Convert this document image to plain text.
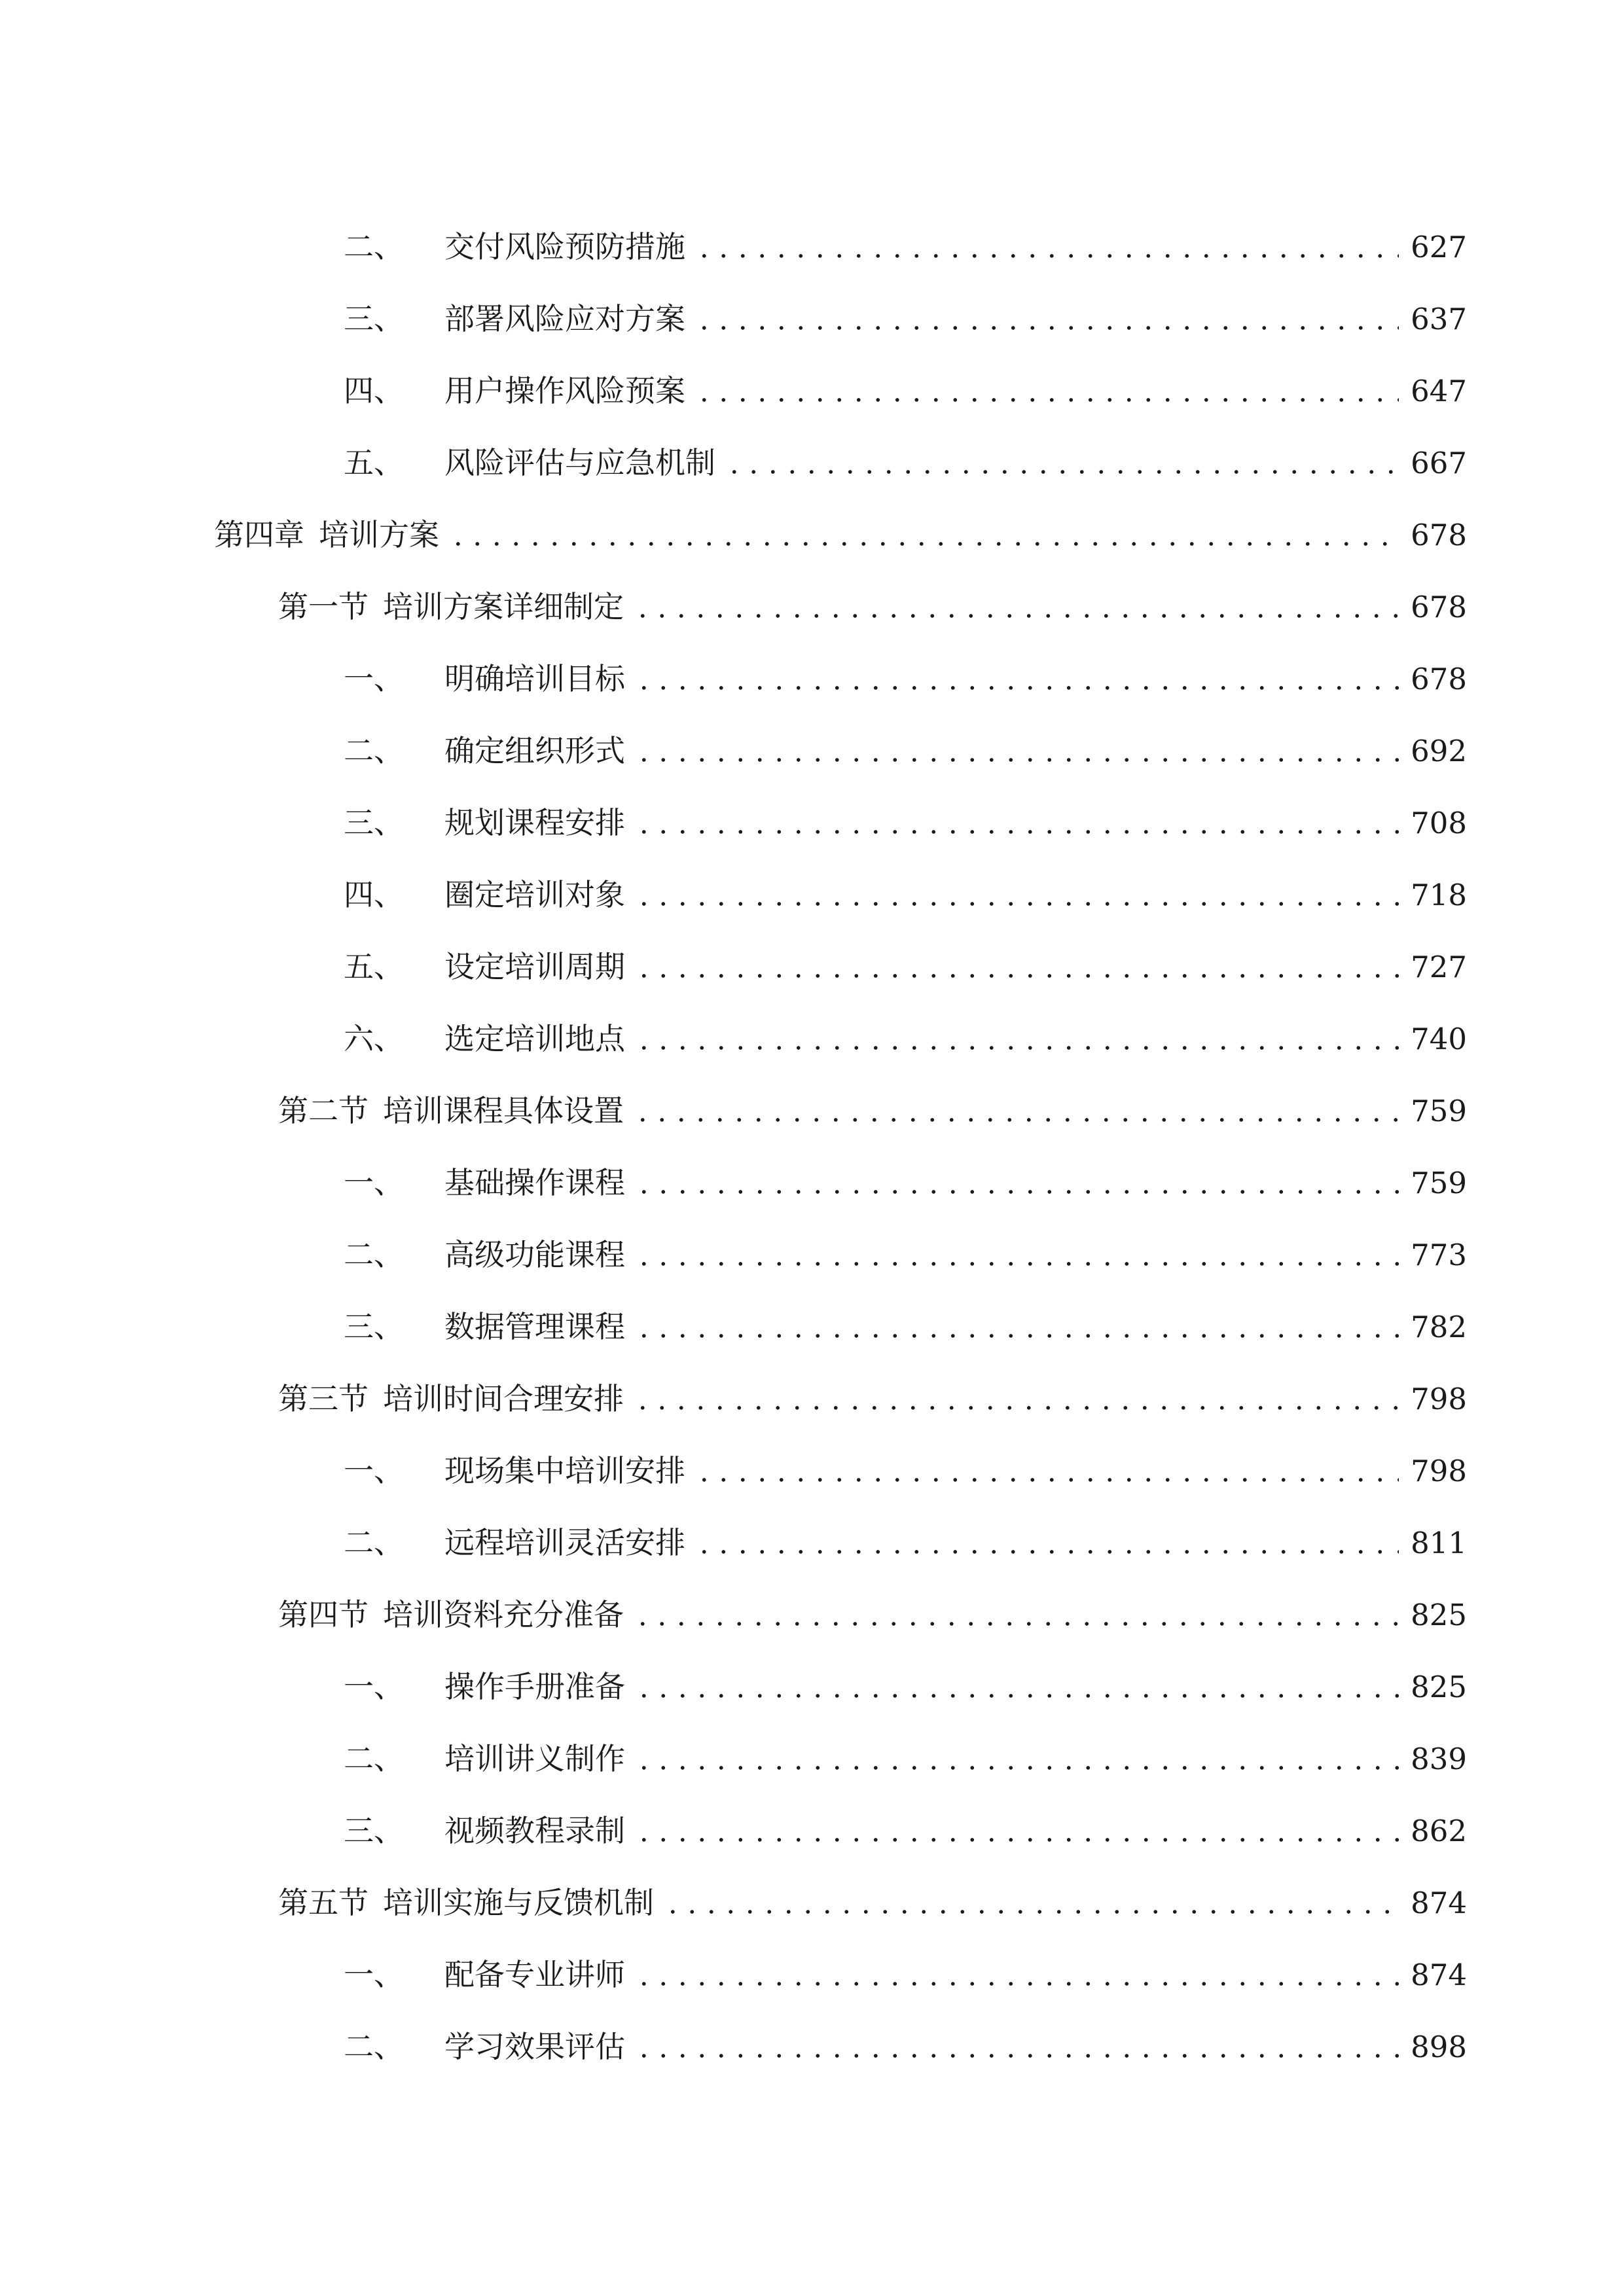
二、 交付风险预防措施	627
三、 部署风险应对方案	637
四、 用户操作风险预案	647
五、 风险评估与应急机制	667
第四章 培训方案	678
第一节 培训方案详细制定	678
一、 明确培训目标	678
二、 确定组织形式	692
三、 规划课程安排	708
四、 圈定培训对象	718
五、 设定培训周期	727
六、 选定培训地点	740
第二节 培训课程具体设置	759
一、 基础操作课程	759
二、 高级功能课程	773
三、 数据管理课程	782
第三节 培训时间合理安排	798
一、 现场集中培训安排	798
二、 远程培训灵活安排	811
第四节 培训资料充分准备	825
一、 操作手册准备	825
二、 培训讲义制作	839
三、 视频教程录制	862
第五节 培训实施与反馈机制	874
一、 配备专业讲师	874
二、 学习效果评估	898
